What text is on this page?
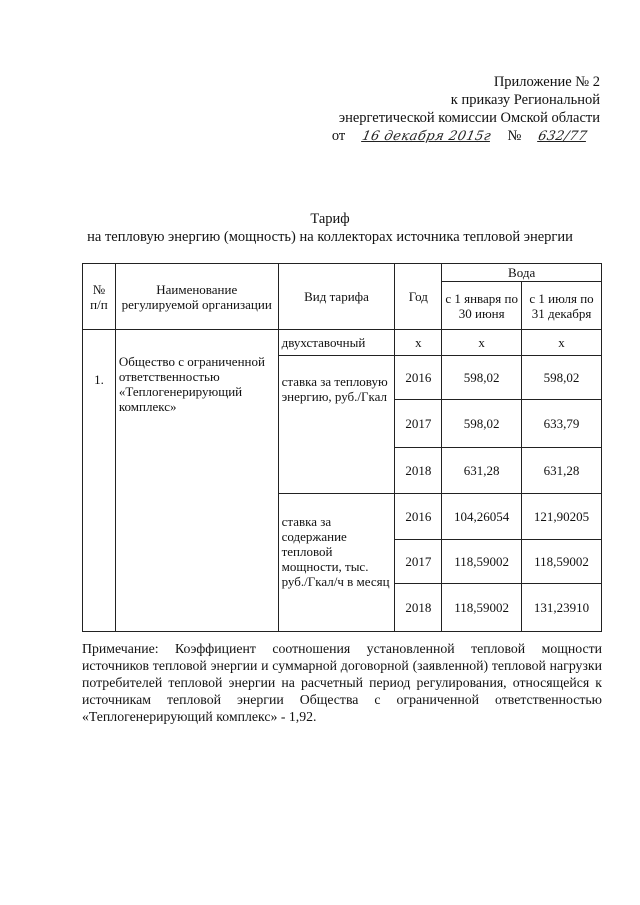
Приложение № 2
к приказу Региональной
энергетической комиссии Омской области
от 16 декабря 2015г № 632/77
Тариф
на тепловую энергию (мощность) на коллекторах источника тепловой энергии
№ п/п	Наименование регулируемой организации	Вид тарифа	Год	Вода	
				с 1 января по 30 июня	с 1 июля по 31 декабря
1.	Общество с ограниченной ответственностью «Теплогенерирующий комплекс»	двухставочный	х	х	х
		ставка за тепловую энергию, руб./Гкал	2016	598,02	598,02
			2017	598,02	633,79
			2018	631,28	631,28
		ставка за содержание тепловой мощности, тыс. руб./Гкал/ч в месяц	2016	104,26054	121,90205
			2017	118,59002	118,59002
			2018	118,59002	131,23910
Примечание: Коэффициент соотношения установленной тепловой мощности источников тепловой энергии и суммарной договорной (заявленной) тепловой нагрузки потребителей тепловой энергии на расчетный период регулирования, относящейся к источникам тепловой энергии Общества с ограниченной ответственностью «Теплогенерирующий комплекс» - 1,92.
